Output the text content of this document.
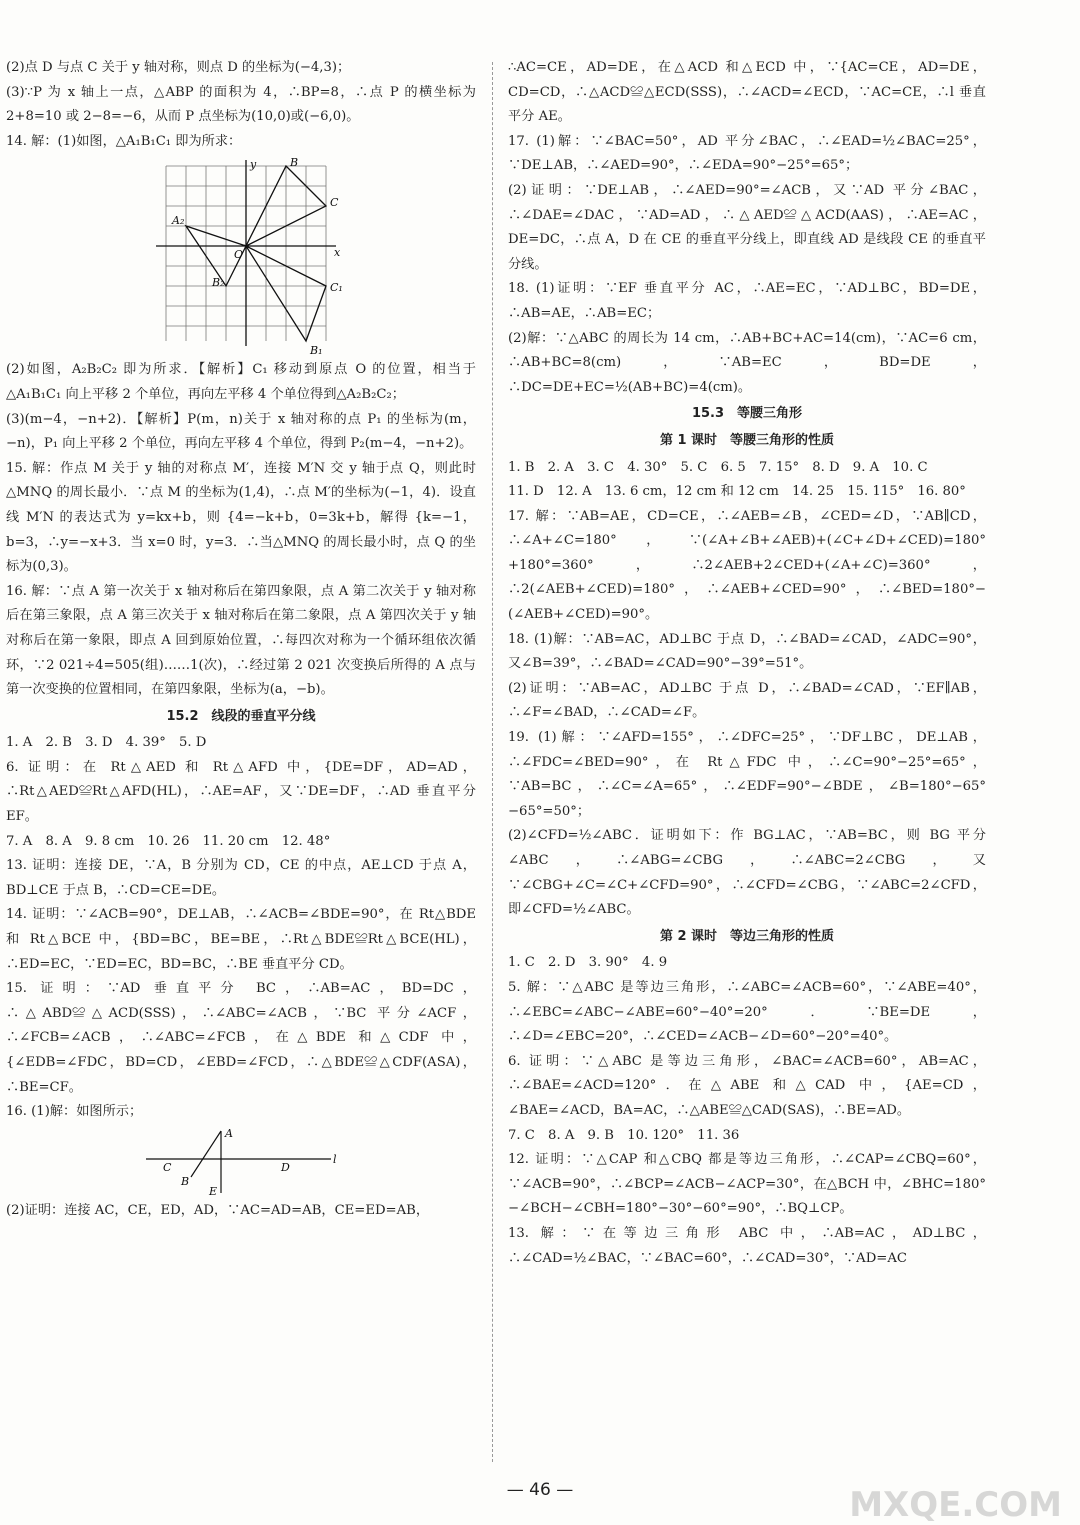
(2)点 D 与点 C 关于 y 轴对称，则点 D 的坐标为(−4,3)；

(3)∵P 为 x 轴上一点，△ABP 的面积为 4，∴BP=8，∴点 P 的横坐标为 2+8=10 或 2−8=−6，从而 P 点坐标为(10,0)或(−6,0)。

14. 解：(1)如图，△A₁B₁C₁ 即为所求：

y
x
O
B
C
B₁
C₁
A₂
B₂

(2)如图，A₂B₂C₂ 即为所求．【解析】C₁ 移动到原点 O 的位置，相当于△A₁B₁C₁ 向上平移 2 个单位，再向左平移 4 个单位得到△A₂B₂C₂；

(3)(m−4，−n+2)．【解析】P(m，n)关于 x 轴对称的点 P₁ 的坐标为(m，−n)，P₁ 向上平移 2 个单位，再向左平移 4 个单位，得到 P₂(m−4，−n+2)。

15. 解：作点 M 关于 y 轴的对称点 M′，连接 M′N 交 y 轴于点 Q，则此时△MNQ 的周长最小．∵点 M 的坐标为(1,4)，∴点 M′的坐标为(−1，4)．设直线 M′N 的表达式为 y=kx+b，则 {4=−k+b，0=3k+b，解得 {k=−1，b=3，∴y=−x+3．当 x=0 时，y=3．∴当△MNQ 的周长最小时，点 Q 的坐标为(0,3)。

16. 解：∵点 A 第一次关于 x 轴对称后在第四象限，点 A 第二次关于 y 轴对称后在第三象限，点 A 第三次关于 x 轴对称后在第二象限，点 A 第四次关于 y 轴对称后在第一象限，即点 A 回到原始位置，∴每四次对称为一个循环组依次循环，∵2 021÷4=505(组)……1(次)，∴经过第 2 021 次变换后所得的 A 点与第一次变换的位置相同，在第四象限，坐标为(a，−b)。

15.2　线段的垂直平分线

1. A　2. B　3. D　4. 39°　5. D

6. 证明：在 Rt△AED 和 Rt△AFD 中，{DE=DF，AD=AD，∴Rt△AED≌Rt△AFD(HL)，∴AE=AF，又∵DE=DF，∴AD 垂直平分 EF。

7. A　8. A　9. 8 cm　10. 26　11. 20 cm　12. 48°

13. 证明：连接 DE，∵A，B 分别为 CD，CE 的中点，AE⊥CD 于点 A，BD⊥CE 于点 B，∴CD=CE=DE。

14. 证明：∵∠ACB=90°，DE⊥AB，∴∠ACB=∠BDE=90°，在 Rt△BDE 和 Rt△BCE 中，{BD=BC，BE=BE，∴Rt△BDE≌Rt△BCE(HL)，∴ED=EC，∵ED=EC，BD=BC，∴BE 垂直平分 CD。

15. 证明：∵AD 垂直平分 BC，∴AB=AC，BD=DC，∴△ABD≌△ACD(SSS)，∴∠ABC=∠ACB，∵BC 平分∠ACF，∴∠FCB=∠ACB，∴∠ABC=∠FCB，在△BDE 和△CDF 中，{∠EDB=∠FDC，BD=CD，∠EBD=∠FCD，∴△BDE≌△CDF(ASA)，∴BE=CF。

16. (1)解：如图所示；

A
C
B
E
D
l

(2)证明：连接 AC，CE，ED，AD，∵AC=AD=AB，CE=ED=AB，

∴AC=CE，AD=DE，在△ACD 和△ECD 中，∵{AC=CE，AD=DE，CD=CD，∴△ACD≌△ECD(SSS)，∴∠ACD=∠ECD，∵AC=CE，∴l 垂直平分 AE。

17. (1)解：∵∠BAC=50°，AD 平分∠BAC，∴∠EAD=½∠BAC=25°，∵DE⊥AB，∴∠AED=90°，∴∠EDA=90°−25°=65°；

(2)证明：∵DE⊥AB，∴∠AED=90°=∠ACB，又∵AD 平分∠BAC，∴∠DAE=∠DAC，∵AD=AD，∴△AED≌△ACD(AAS)，∴AE=AC，DE=DC，∴点 A，D 在 CE 的垂直平分线上，即直线 AD 是线段 CE 的垂直平分线。

18. (1)证明：∵EF 垂直平分 AC，∴AE=EC，∵AD⊥BC，BD=DE，∴AB=AE，∴AB=EC；

(2)解：∵△ABC 的周长为 14 cm，∴AB+BC+AC=14(cm)，∵AC=6 cm，∴AB+BC=8(cm)，∵AB=EC，BD=DE，∴DC=DE+EC=½(AB+BC)=4(cm)。

15.3　等腰三角形
第 1 课时　等腰三角形的性质

1. B　2. A　3. C　4. 30°　5. C　6. 5　7. 15°　8. D　9. A　10. C

11. D　12. A　13. 6 cm，12 cm 和 12 cm　14. 25　15. 115°　16. 80°

17. 解：∵AB=AE，CD=CE，∴∠AEB=∠B，∠CED=∠D，∵AB∥CD，∴∠A+∠C=180°，∵(∠A+∠B+∠AEB)+(∠C+∠D+∠CED)=180°+180°=360°，∴2∠AEB+2∠CED+(∠A+∠C)=360°，∴2(∠AEB+∠CED)=180°，∴∠AEB+∠CED=90°，∴∠BED=180°−(∠AEB+∠CED)=90°。

18. (1)解：∵AB=AC，AD⊥BC 于点 D，∴∠BAD=∠CAD，∠ADC=90°，又∠B=39°，∴∠BAD=∠CAD=90°−39°=51°。

(2)证明：∵AB=AC，AD⊥BC 于点 D，∴∠BAD=∠CAD，∵EF∥AB，∴∠F=∠BAD，∴∠CAD=∠F。

19. (1)解：∵∠AFD=155°，∴∠DFC=25°，∵DF⊥BC，DE⊥AB，∴∠FDC=∠BED=90°，在 Rt△FDC 中，∴∠C=90°−25°=65°，∵AB=BC，∴∠C=∠A=65°，∴∠EDF=90°−∠BDE，∠B=180°−65°−65°=50°；

(2)∠CFD=½∠ABC．证明如下：作 BG⊥AC，∵AB=BC，则 BG 平分∠ABC，∴∠ABG=∠CBG，∴∠ABC=2∠CBG，又∵∠CBG+∠C=∠C+∠CFD=90°，∴∠CFD=∠CBG，∵∠ABC=2∠CFD，即∠CFD=½∠ABC。

第 2 课时　等边三角形的性质

1. C　2. D　3. 90°　4. 9

5. 解：∵△ABC 是等边三角形，∴∠ABC=∠ACB=60°，∵∠ABE=40°，∴∠EBC=∠ABC−∠ABE=60°−40°=20°．∵BE=DE，∴∠D=∠EBC=20°，∴∠CED=∠ACB−∠D=60°−20°=40°。

6. 证明：∵△ABC 是等边三角形，∠BAC=∠ACB=60°，AB=AC，∴∠BAE=∠ACD=120°．在△ABE 和△CAD 中，{AE=CD，∠BAE=∠ACD，BA=AC，∴△ABE≌△CAD(SAS)，∴BE=AD。

7. C　8. A　9. B　10. 120°　11. 36

12. 证明：∵△CAP 和△CBQ 都是等边三角形，∴∠CAP=∠CBQ=60°，∵∠ACB=90°，∴∠BCP=∠ACB−∠ACP=30°，在△BCH 中，∠BHC=180°−∠BCH−∠CBH=180°−30°−60°=90°，∴BQ⊥CP。

13. 解：∵在等边三角形 ABC 中，∴AB=AC，AD⊥BC，∴∠CAD=½∠BAC，∵∠BAC=60°，∴∠CAD=30°，∵AD=AC

— 46 —	MXQE.COM
